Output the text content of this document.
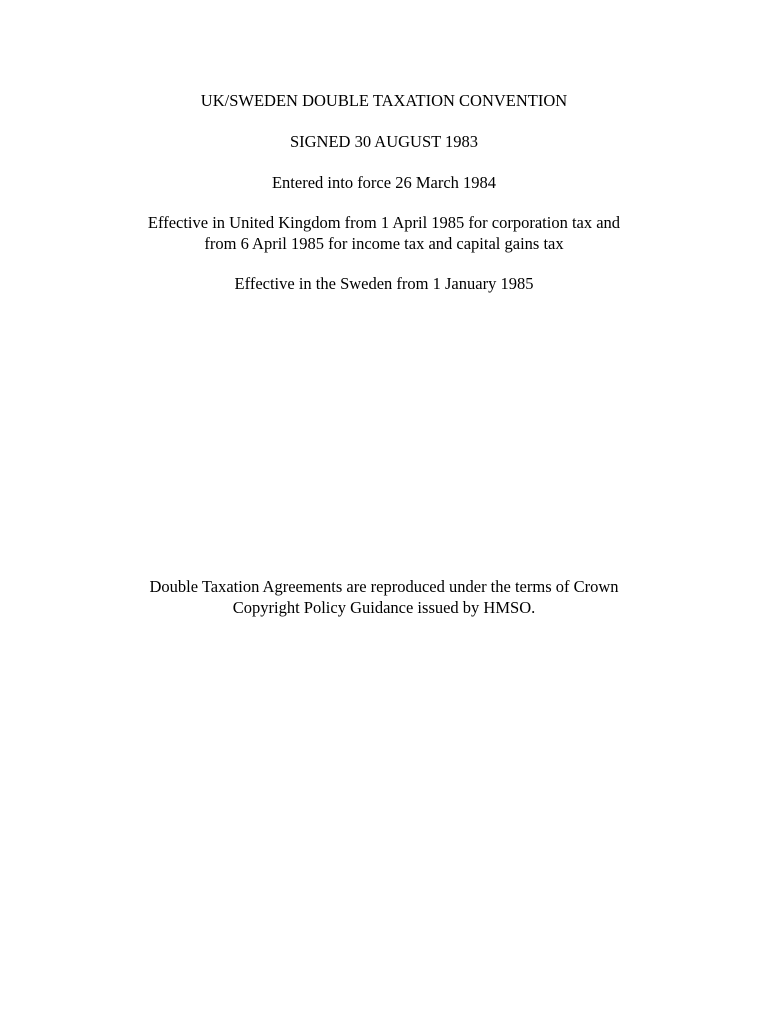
UK/SWEDEN DOUBLE TAXATION CONVENTION
SIGNED 30 AUGUST 1983
Entered into force 26 March 1984
Effective in United Kingdom from 1 April 1985 for corporation tax and
from 6 April 1985 for income tax and capital gains tax
Effective in the Sweden from 1 January 1985
Double Taxation Agreements are reproduced under the terms of Crown
Copyright Policy Guidance issued by HMSO.
